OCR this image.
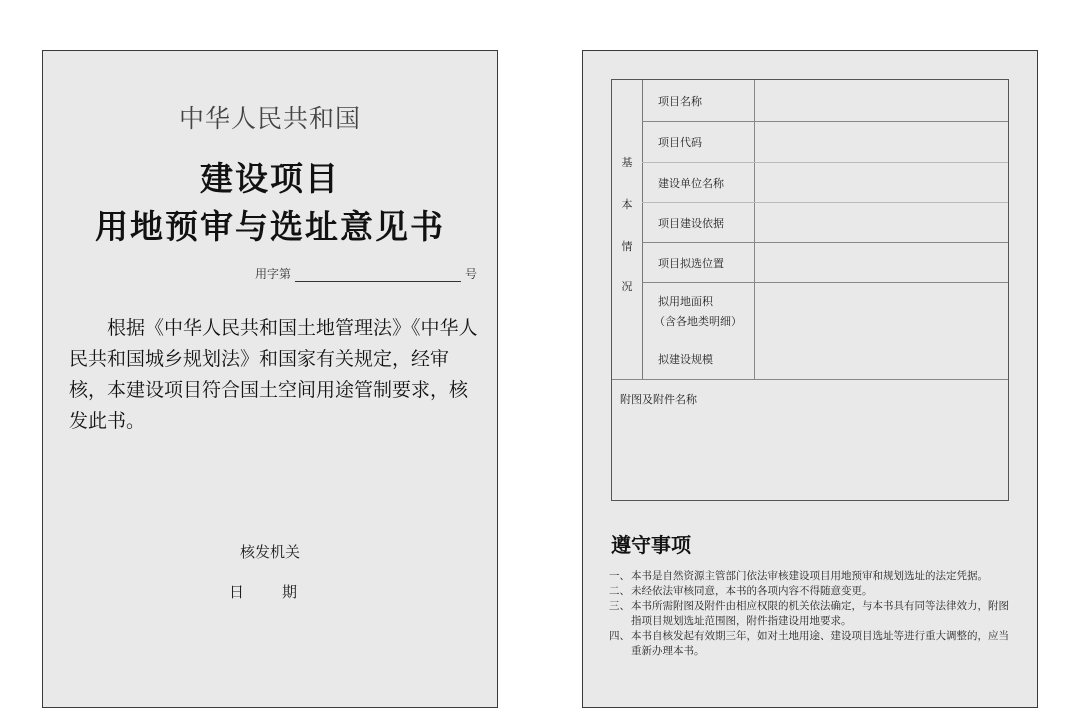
中华人民共和国
建设项目
用地预审与选址意见书
用字第	号
根据《中华人民共和国土地管理法》《中华人民共和国城乡规划法》和国家有关规定，经审核，本建设项目符合国土空间用途管制要求，核发此书。
核发机关
日	期
基
本
情
况
项目名称
项目代码
建设单位名称
项目建设依据
项目拟选位置
拟用地面积
（含各地类明细）
拟建设规模
附图及附件名称
遵守事项
一、 本书是自然资源主管部门依法审核建设项目用地预审和规划选址的法定凭据。
二、 未经依法审核同意，本书的各项内容不得随意变更。
三、 本书所需附图及附件由相应权限的机关依法确定，与本书具有同等法律效力，附图指项目规划选址范围图，附件指建设用地要求。
四、 本书自核发起有效期三年，如对土地用途、建设项目选址等进行重大调整的，应当重新办理本书。
